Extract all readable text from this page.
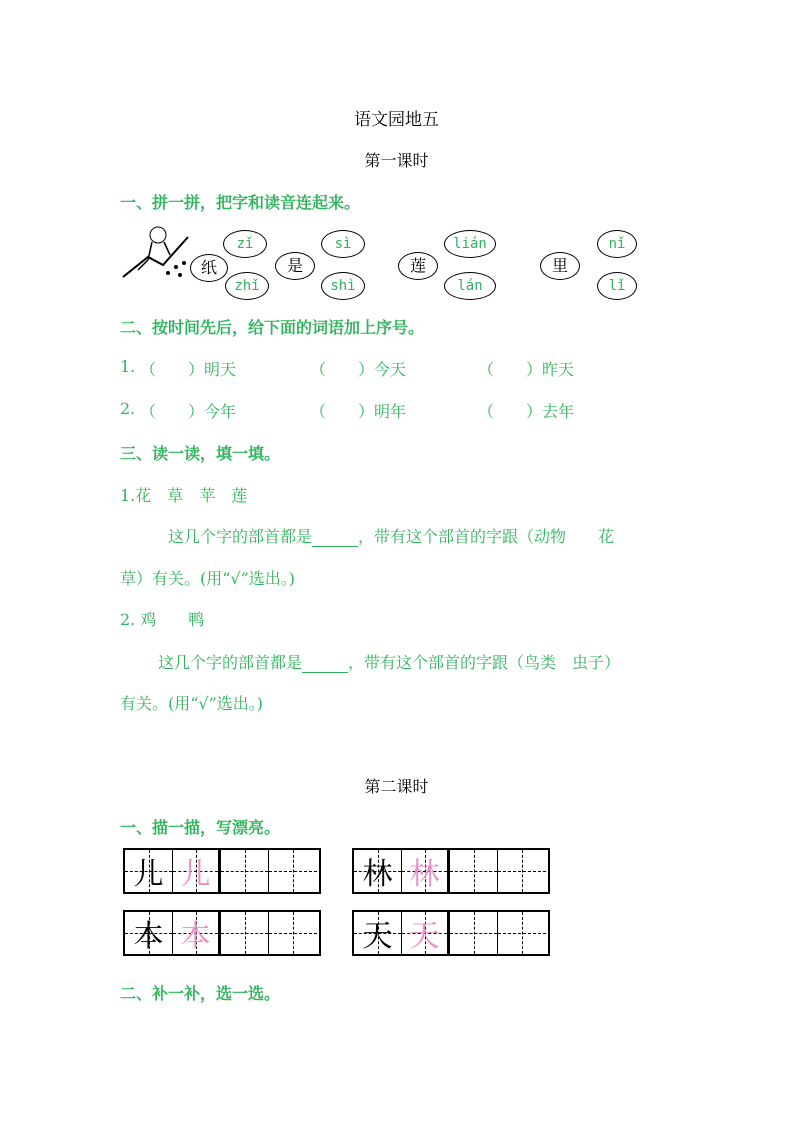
语文园地五
第一课时
一、拼一拼，把字和读音连起来。
zǐ	sì	lián	nǐ
纸	是	莲	里
zhǐ	shì	lán	lǐ
二、按时间先后，给下面的词语加上序号。
1. （　　）明天	（　　）今天	（　　）昨天
2. （　　）今年	（　　）明年	（　　）去年
三、读一读，填一填。
1.花　草　苹　莲
这几个字的部首都是	，带有这个部首的字跟（动物　　花
草）有关。(用“√”选出。)
2. 鸡　　鸭
这几个字的部首都是	，带有这个部首的字跟（鸟类　虫子）
有关。(用“√”选出。)
第二课时
一、描一描，写漂亮。
儿 儿	林 林
本 本	天 天
二、补一补，选一选。
